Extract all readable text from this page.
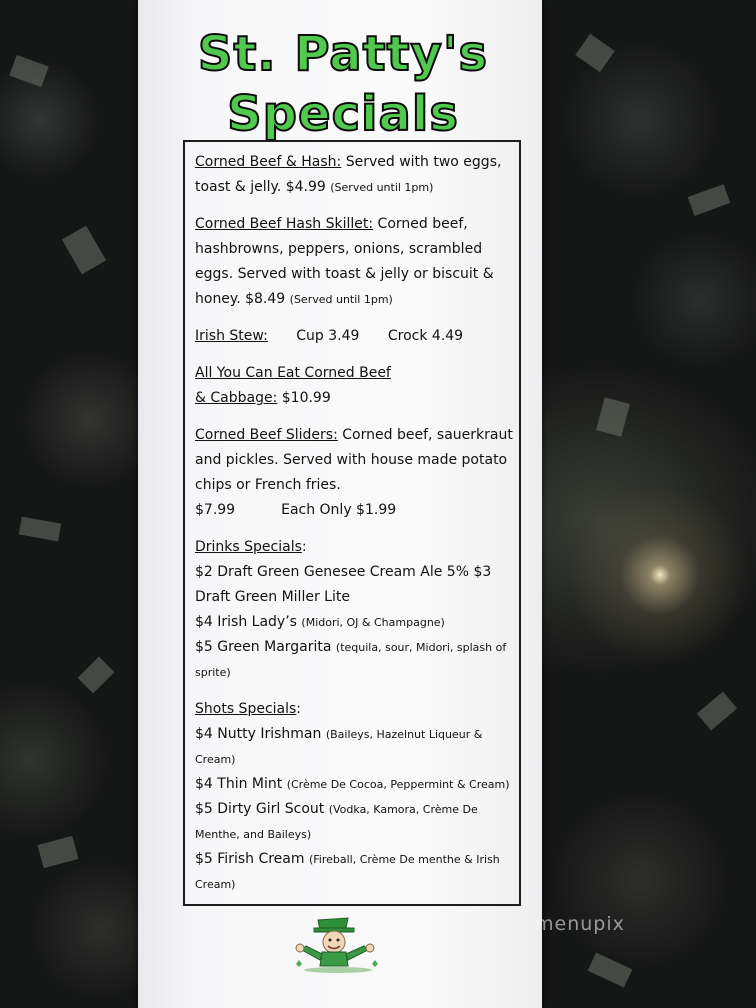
St. Patty's
Specials
Corned Beef & Hash: Served with two eggs, toast & jelly. $4.99 (Served until 1pm)
Corned Beef Hash Skillet: Corned beef, hashbrowns, peppers, onions, scrambled eggs. Served with toast & jelly or biscuit & honey. $8.49 (Served until 1pm)
Irish Stew: Cup 3.49 Crock 4.49
All You Can Eat Corned Beef
& Cabbage: $10.99
Corned Beef Sliders: Corned beef, sauerkraut and pickles. Served with house made potato chips or French fries.
$7.99	Each Only $1.99
Drinks Specials:
$2 Draft Green Genesee Cream Ale 5% $3 Draft Green Miller Lite
$4 Irish Lady’s (Midori, OJ & Champagne)
$5 Green Margarita (tequila, sour, Midori, splash of sprite)
Shots Specials:
$4 Nutty Irishman (Baileys, Hazelnut Liqueur & Cream)
$4 Thin Mint (Crème De Cocoa, Peppermint & Cream)
$5 Dirty Girl Scout (Vodka, Kamora, Crème De Menthe, and Baileys)
$5 Firish Cream (Fireball, Crème De menthe & Irish Cream)
menupix
